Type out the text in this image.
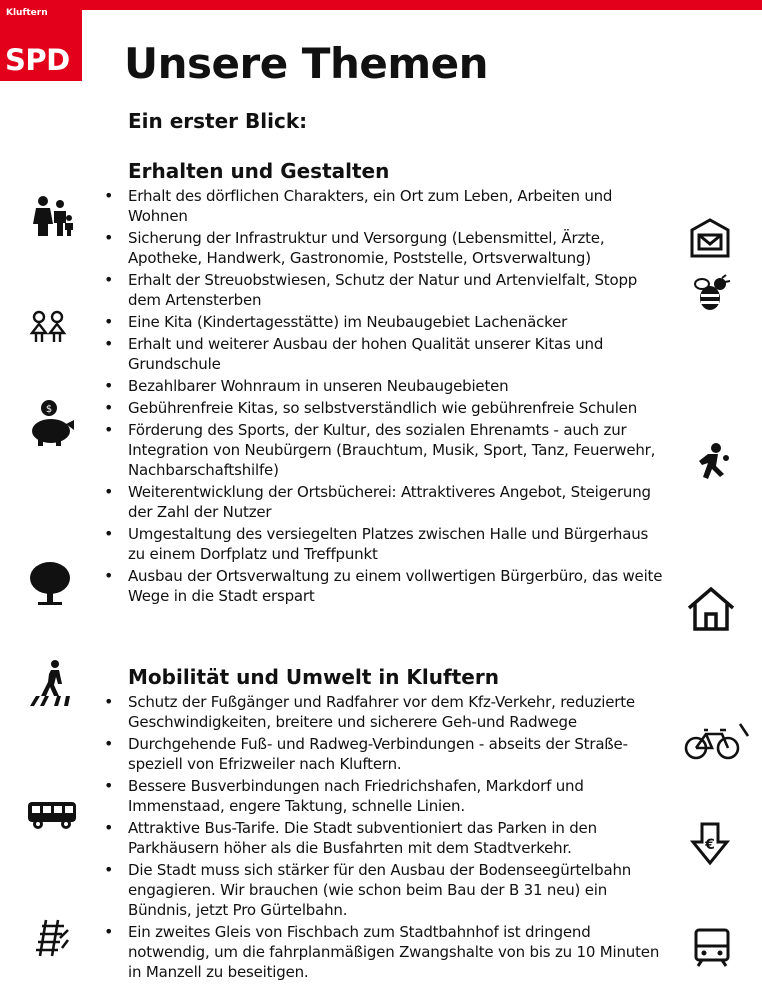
Kluftern
SPD Unsere Themen
Ein erster Blick:
Erhalten und Gestalten
• Erhalt des dörflichen Charakters, ein Ort zum Leben, Arbeiten und Wohnen
• Sicherung der Infrastruktur und Versorgung (Lebensmittel, Ärzte, Apotheke, Handwerk, Gastronomie, Poststelle, Ortsverwaltung)
• Erhalt der Streuobstwiesen, Schutz der Natur und Artenvielfalt, Stopp dem Artensterben
• Eine Kita (Kindertagesstätte) im Neubaugebiet Lachenäcker
• Erhalt und weiterer Ausbau der hohen Qualität unserer Kitas und Grundschule
• Bezahlbarer Wohnraum in unseren Neubaugebieten
• Gebührenfreie Kitas, so selbstverständlich wie gebührenfreie Schulen
• Förderung des Sports, der Kultur, des sozialen Ehrenamts - auch zur Integration von Neubürgern (Brauchtum, Musik, Sport, Tanz, Feuerwehr, Nachbarschaftshilfe)
• Weiterentwicklung der Ortsbücherei: Attraktiveres Angebot, Steigerung der Zahl der Nutzer
• Umgestaltung des versiegelten Platzes zwischen Halle und Bürgerhaus zu einem Dorfplatz und Treffpunkt
• Ausbau der Ortsverwaltung zu einem vollwertigen Bürgerbüro, das weite Wege in die Stadt erspart
Mobilität und Umwelt in Kluftern
• Schutz der Fußgänger und Radfahrer vor dem Kfz-Verkehr, reduzierte Geschwindigkeiten, breitere und sicherere Geh-und Radwege
• Durchgehende Fuß- und Radweg-Verbindungen - abseits der Straße- speziell von Efrizweiler nach Kluftern.
• Bessere Busverbindungen nach Friedrichshafen, Markdorf und Immenstaad, engere Taktung, schnelle Linien.
• Attraktive Bus-Tarife. Die Stadt subventioniert das Parken in den Parkhäusern höher als die Busfahrten mit dem Stadtverkehr.
• Die Stadt muss sich stärker für den Ausbau der Bodenseegürtelbahn engagieren. Wir brauchen (wie schon beim Bau der B 31 neu) ein Bündnis, jetzt Pro Gürtelbahn.
• Ein zweites Gleis von Fischbach zum Stadtbahnhof ist dringend notwendig, um die fahrplanmäßigen Zwangshalte von bis zu 10 Minuten in Manzell zu beseitigen.
$
€
